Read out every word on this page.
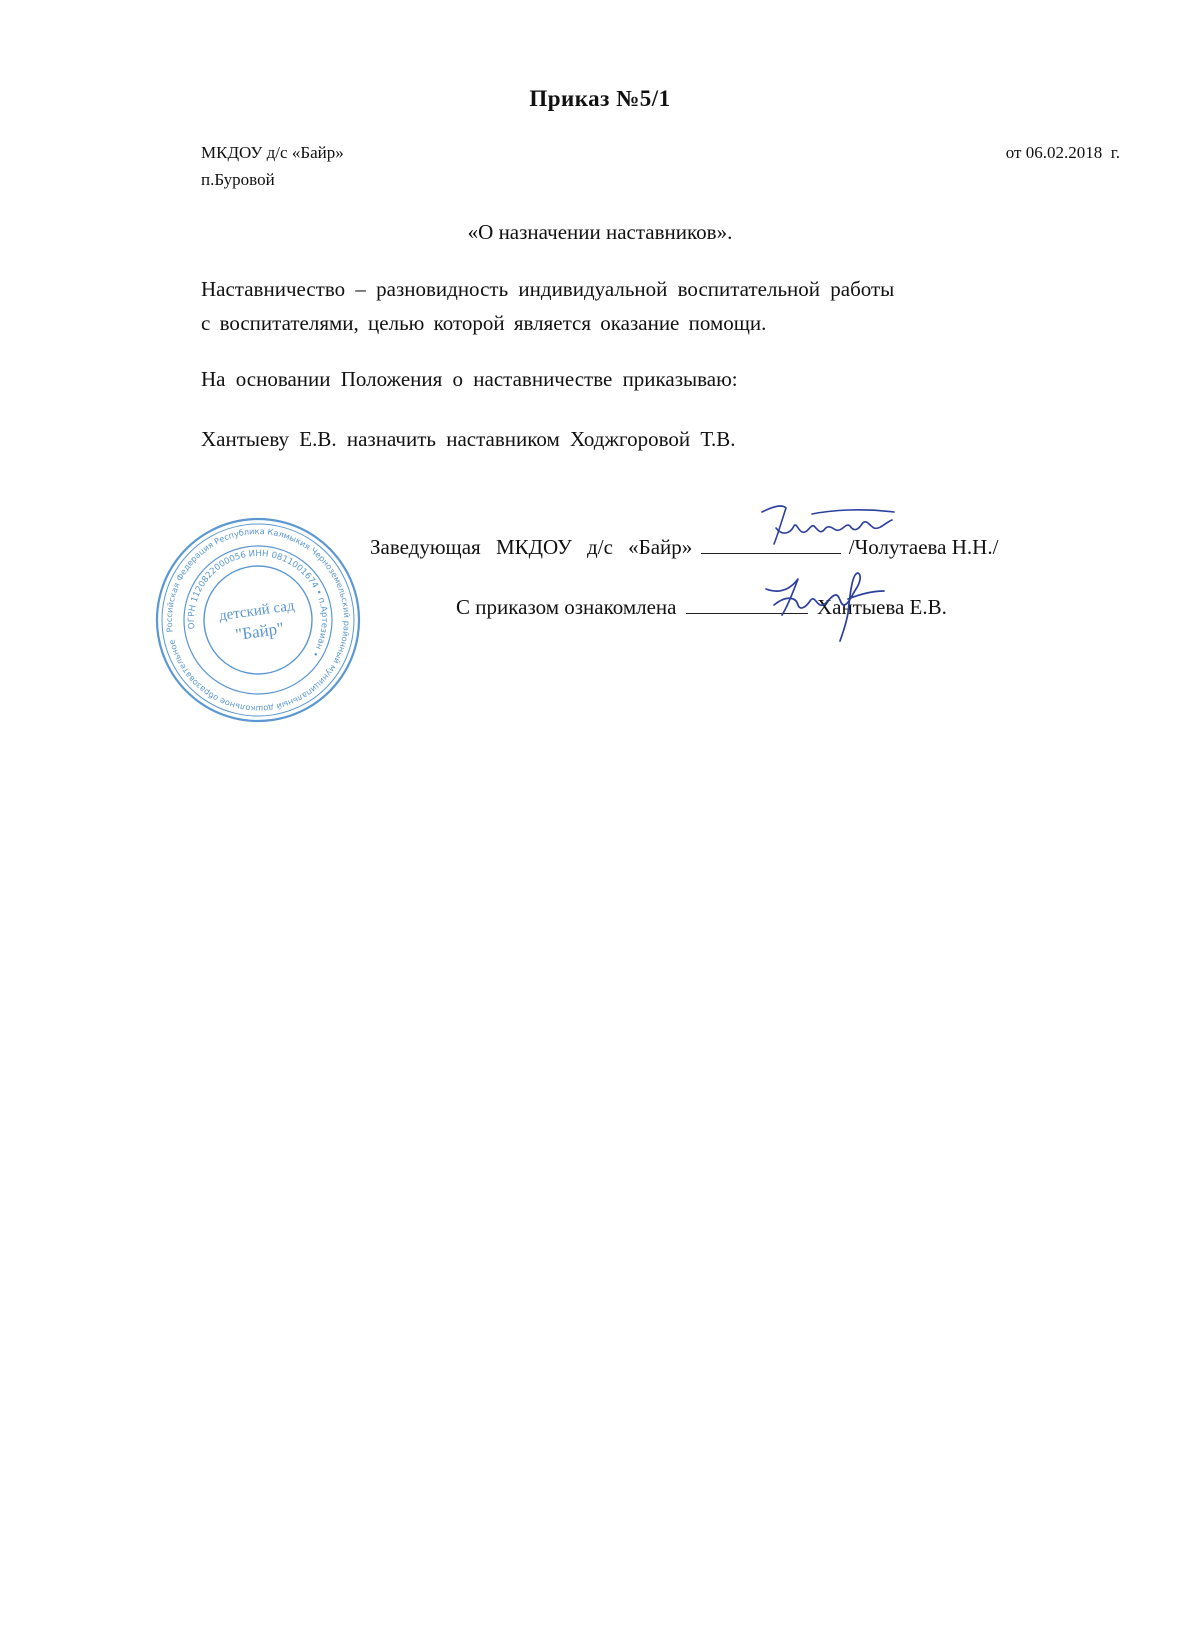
Приказ №5/1
МКДОУ д/с «Байр»
п.Буровой
от 06.02.2018  г.
«О назначении наставников».
Наставничество – разновидность индивидуальной воспитательной работы
с воспитателями, целью которой является оказание помощи.
На основании Положения о наставничестве приказываю:
Хантыеву Е.В. назначить наставником Ходжгоровой Т.В.
Российская Федерация Республика Калмыкия Черноземельский районный муниципальный дошкольное образовательное
ОГРН 1120822000056 ИНН 0811001674 • п.Артезиан •
детский сад
"Байр"
Заведующая МКДОУ д/с «Байр»	/Чолутаева Н.Н./
С приказом ознакомлена	Хантыева Е.В.
